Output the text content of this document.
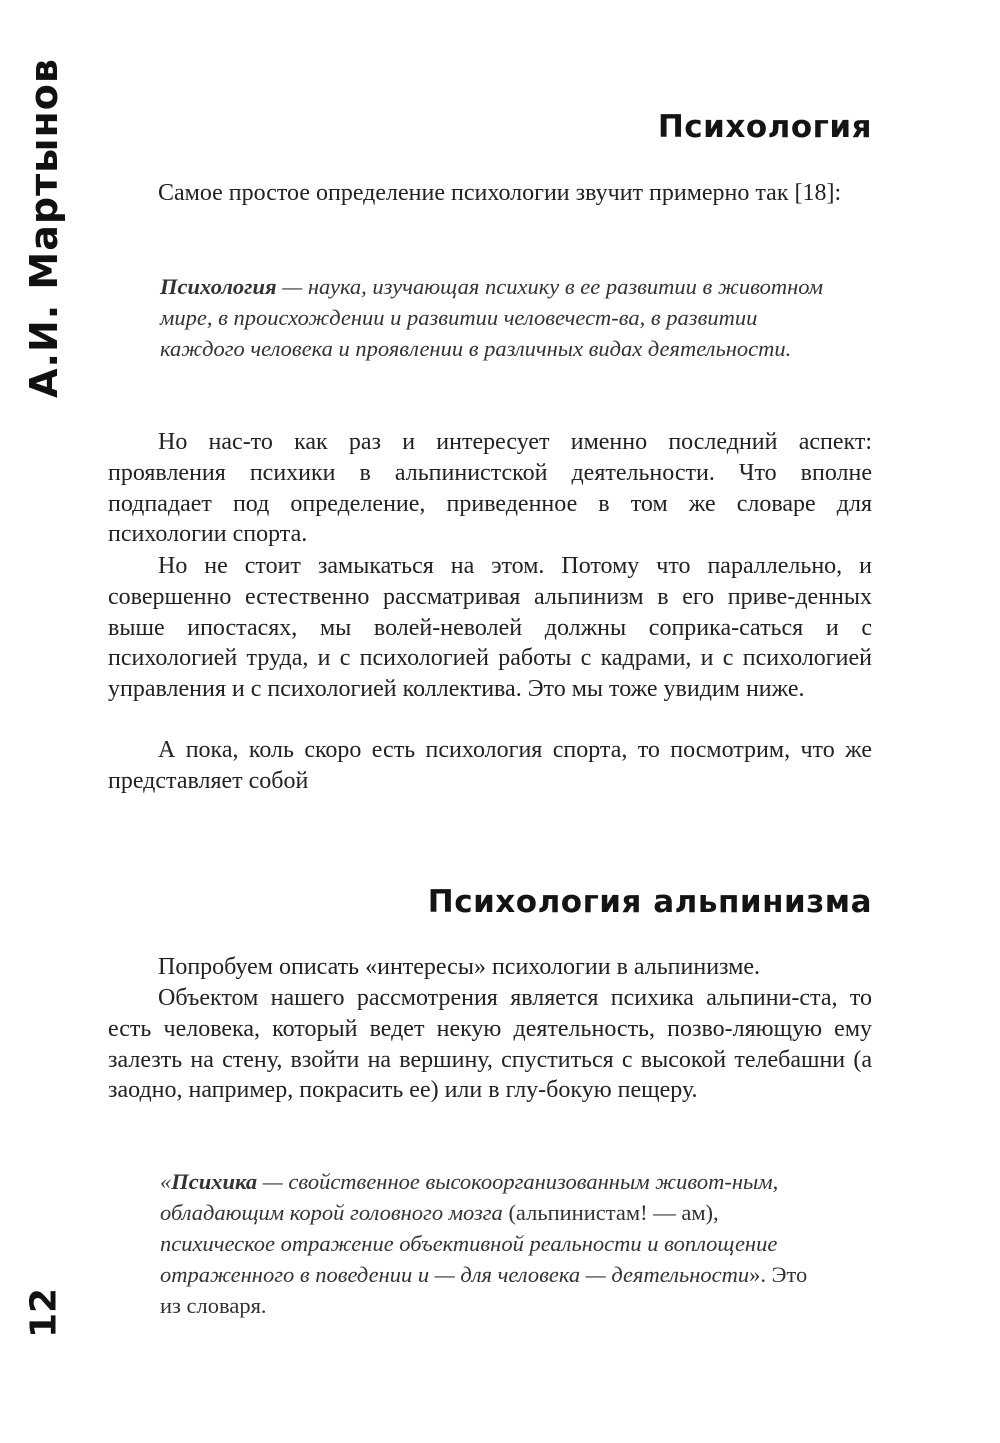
А.И. Мартынов	Психология

Самое простое определение психологии звучит примерно так [18]:

Психология — наука, изучающая психику в ее развитии в животном мире, в происхождении и развитии человечест-ва, в развитии каждого человека и проявлении в различных видах деятельности.

Но нас-то как раз и интересует именно последний аспект: проявления психики в альпинистской деятельности. Что вполне подпадает под определение, приведенное в том же словаре для психологии спорта.

Но не стоит замыкаться на этом. Потому что параллельно, и совершенно естественно рассматривая альпинизм в его приве-денных выше ипостасях, мы волей-неволей должны соприка-саться и с психологией труда, и с психологией работы с кадрами, и с психологией управления и с психологией коллектива. Это мы тоже увидим ниже.

А пока, коль скоро есть психология спорта, то посмотрим, что же представляет собой

Психология альпинизма

Попробуем описать «интересы» психологии в альпинизме.

Объектом нашего рассмотрения является психика альпини-ста, то есть человека, который ведет некую деятельность, позво-ляющую ему залезть на стену, взойти на вершину, спуститься с высокой телебашни (а заодно, например, покрасить ее) или в глу-бокую пещеру.

«Психика — свойственное высокоорганизованным живот-ным, обладающим корой головного мозга (альпинистам! — ам), психическое отражение объективной реальности и воплощение отраженного в поведении и — для человека — деятельности». Это из словаря.

12
